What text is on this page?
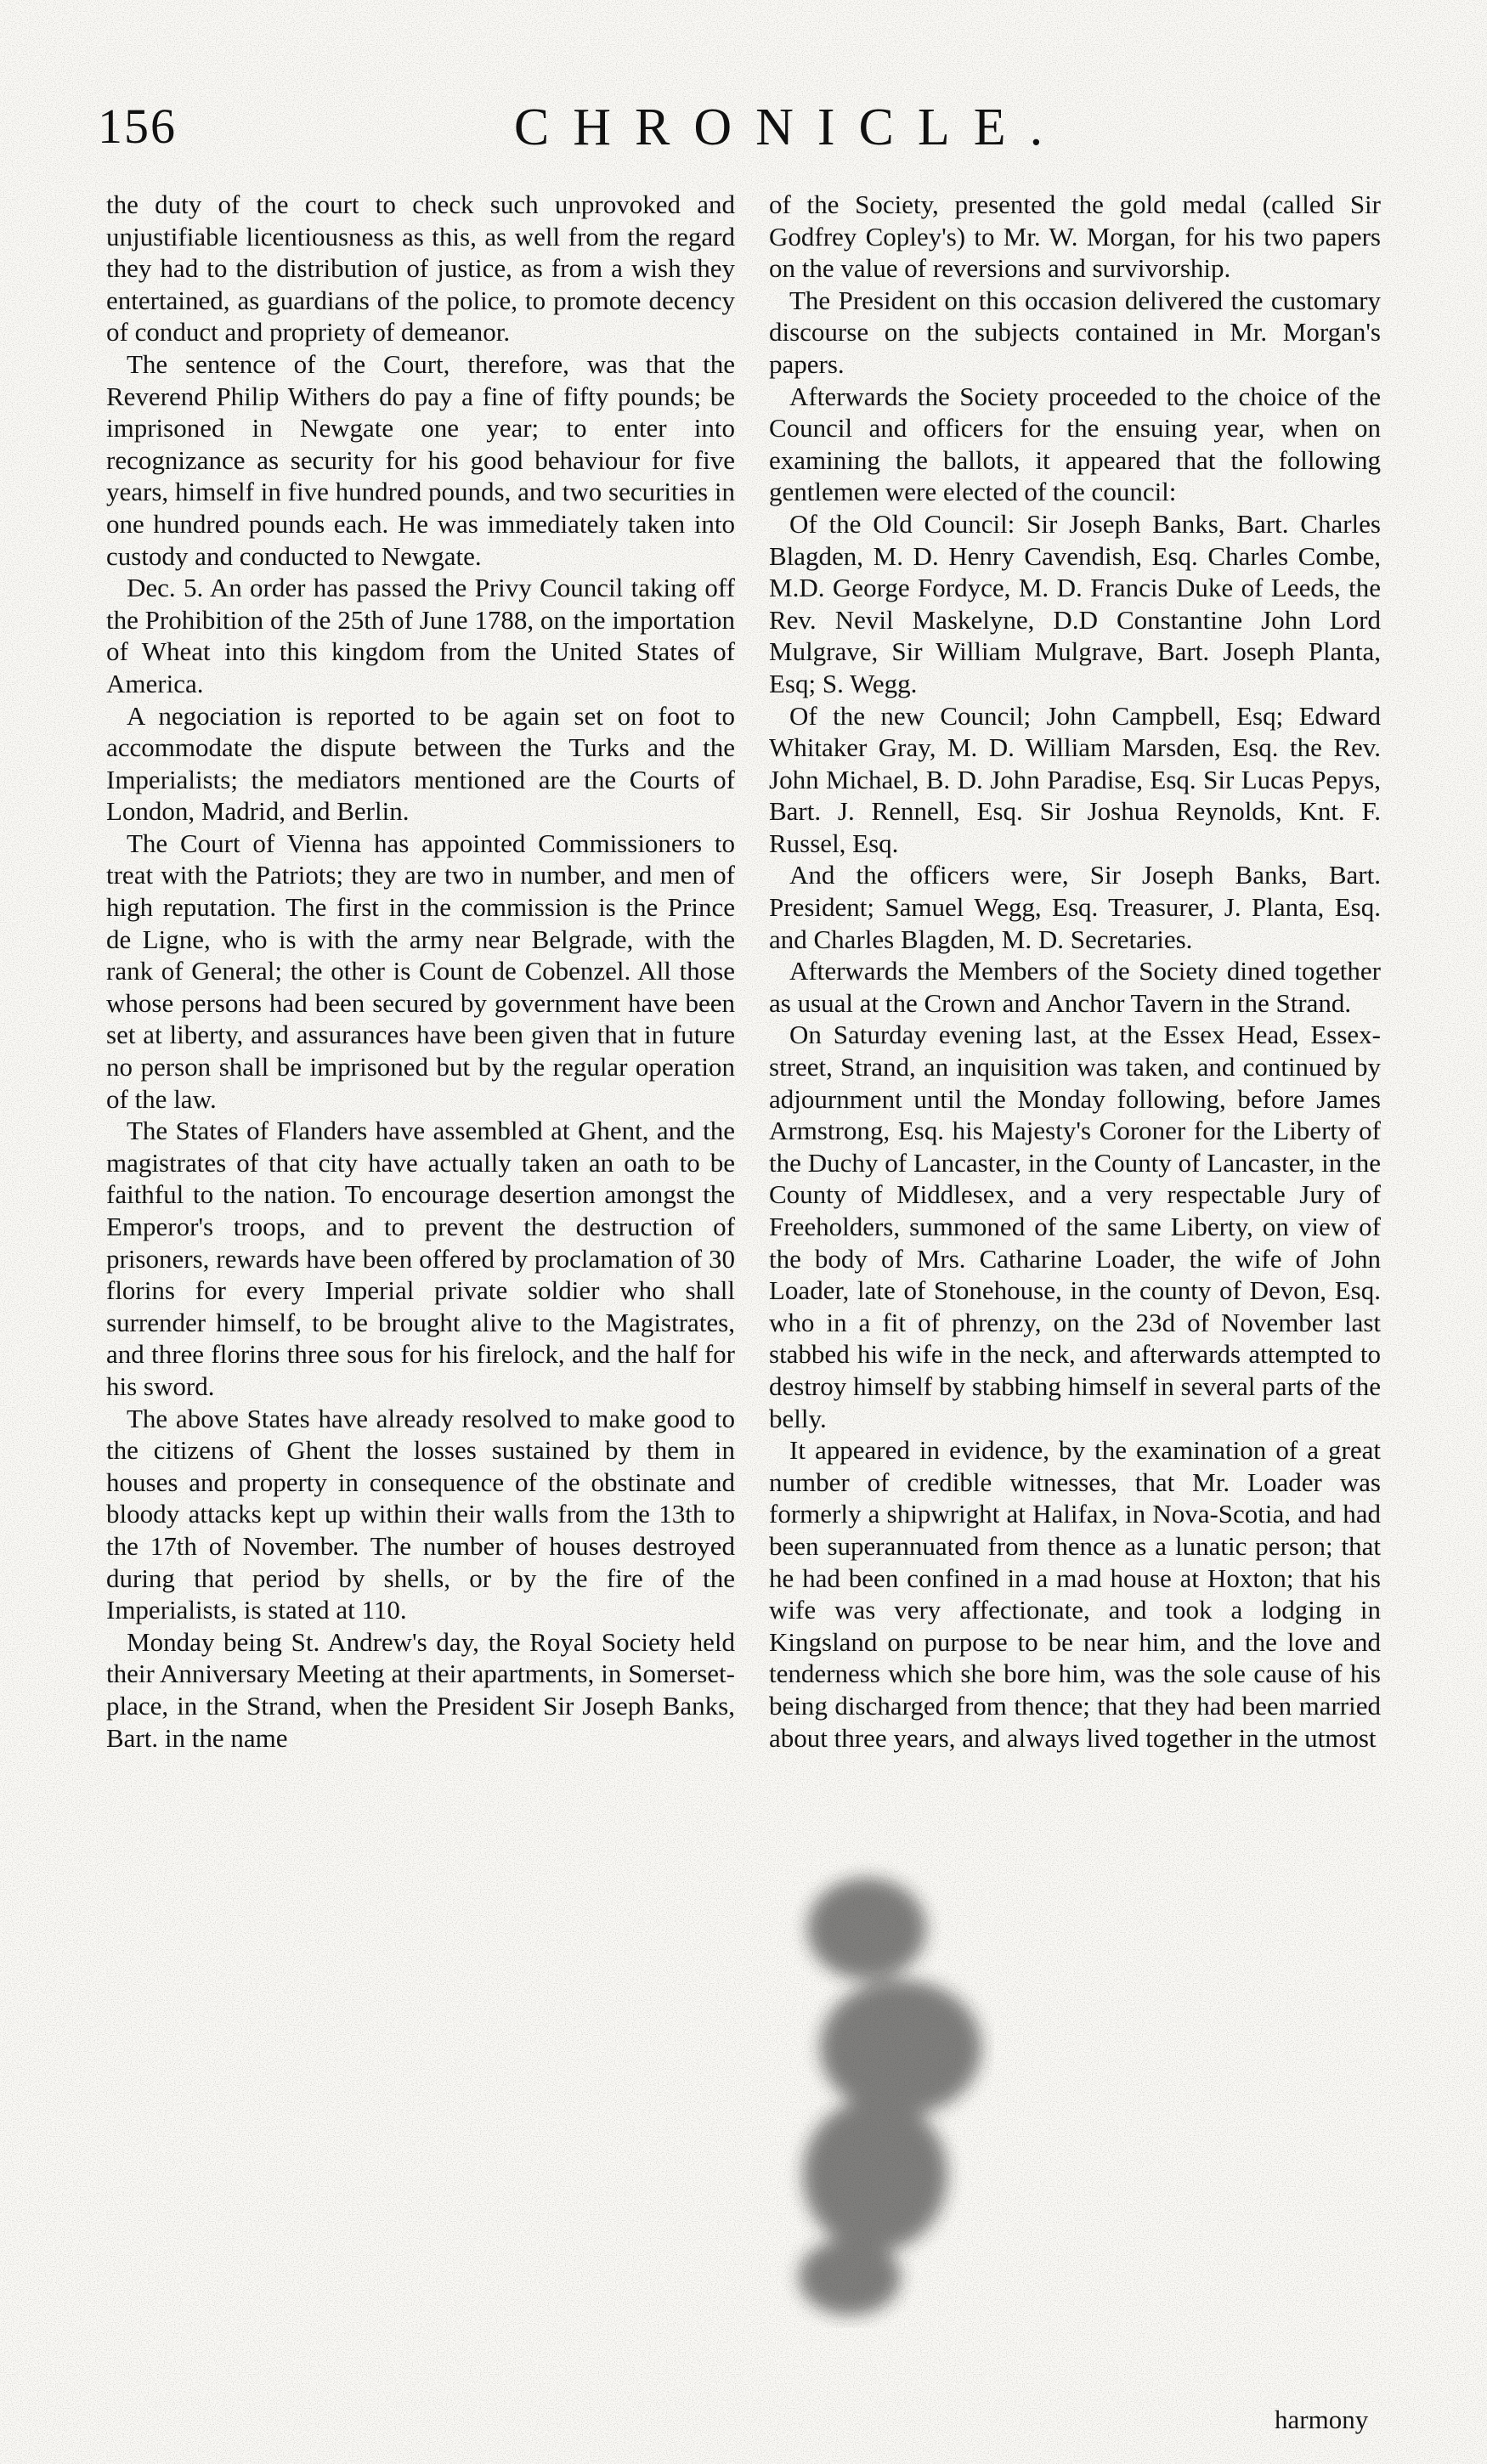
156	CHRONICLE.

the duty of the court to check such unprovoked and unjustifiable licentiousness as this, as well from the regard they had to the distribution of justice, as from a wish they entertained, as guardians of the police, to promote decency of conduct and propriety of demeanor.

The sentence of the Court, therefore, was that the Reverend Philip Withers do pay a fine of fifty pounds; be imprisoned in Newgate one year; to enter into recognizance as security for his good behaviour for five years, himself in five hundred pounds, and two securities in one hundred pounds each. He was immediately taken into custody and conducted to Newgate.

Dec. 5. An order has passed the Privy Council taking off the Prohibition of the 25th of June 1788, on the importation of Wheat into this kingdom from the United States of America.

A negociation is reported to be again set on foot to accommodate the dispute between the Turks and the Imperialists; the mediators mentioned are the Courts of London, Madrid, and Berlin.

The Court of Vienna has appointed Commissioners to treat with the Patriots; they are two in number, and men of high reputation. The first in the commission is the Prince de Ligne, who is with the army near Belgrade, with the rank of General; the other is Count de Cobenzel. All those whose persons had been secured by government have been set at liberty, and assurances have been given that in future no person shall be imprisoned but by the regular operation of the law.

The States of Flanders have assembled at Ghent, and the magistrates of that city have actually taken an oath to be faithful to the nation. To encourage desertion amongst the Emperor's troops, and to prevent the destruction of prisoners, rewards have been offered by proclamation of 30 florins for every Imperial private soldier who shall surrender himself, to be brought alive to the Magistrates, and three florins three sous for his firelock, and the half for his sword.

The above States have already resolved to make good to the citizens of Ghent the losses sustained by them in houses and property in consequence of the obstinate and bloody attacks kept up within their walls from the 13th to the 17th of November. The number of houses destroyed during that period by shells, or by the fire of the Imperialists, is stated at 110.

Monday being St. Andrew's day, the Royal Society held their Anniversary Meeting at their apartments, in Somerset-place, in the Strand, when the President Sir Joseph Banks, Bart. in the name

of the Society, presented the gold medal (called Sir Godfrey Copley's) to Mr. W. Morgan, for his two papers on the value of reversions and survivorship.

The President on this occasion delivered the customary discourse on the subjects contained in Mr. Morgan's papers.

Afterwards the Society proceeded to the choice of the Council and officers for the ensuing year, when on examining the ballots, it appeared that the following gentlemen were elected of the council:

Of the Old Council: Sir Joseph Banks, Bart. Charles Blagden, M. D. Henry Cavendish, Esq. Charles Combe, M.D. George Fordyce, M. D. Francis Duke of Leeds, the Rev. Nevil Maskelyne, D.D Constantine John Lord Mulgrave, Sir William Mulgrave, Bart. Joseph Planta, Esq; S. Wegg.

Of the new Council; John Campbell, Esq; Edward Whitaker Gray, M. D. William Marsden, Esq. the Rev. John Michael, B. D. John Paradise, Esq. Sir Lucas Pepys, Bart. J. Rennell, Esq. Sir Joshua Reynolds, Knt. F. Russel, Esq.

And the officers were, Sir Joseph Banks, Bart. President; Samuel Wegg, Esq. Treasurer, J. Planta, Esq. and Charles Blagden, M. D. Secretaries.

Afterwards the Members of the Society dined together as usual at the Crown and Anchor Tavern in the Strand.

On Saturday evening last, at the Essex Head, Essex-street, Strand, an inquisition was taken, and continued by adjournment until the Monday following, before James Armstrong, Esq. his Majesty's Coroner for the Liberty of the Duchy of Lancaster, in the County of Lancaster, in the County of Middlesex, and a very respectable Jury of Freeholders, summoned of the same Liberty, on view of the body of Mrs. Catharine Loader, the wife of John Loader, late of Stonehouse, in the county of Devon, Esq. who in a fit of phrenzy, on the 23d of November last stabbed his wife in the neck, and afterwards attempted to destroy himself by stabbing himself in several parts of the belly.

It appeared in evidence, by the examination of a great number of credible witnesses, that Mr. Loader was formerly a shipwright at Halifax, in Nova-Scotia, and had been superannuated from thence as a lunatic person; that he had been confined in a mad house at Hoxton; that his wife was very affectionate, and took a lodging in Kingsland on purpose to be near him, and the love and tenderness which she bore him, was the sole cause of his being discharged from thence; that they had been married about three years, and always lived together in the utmost

harmony
